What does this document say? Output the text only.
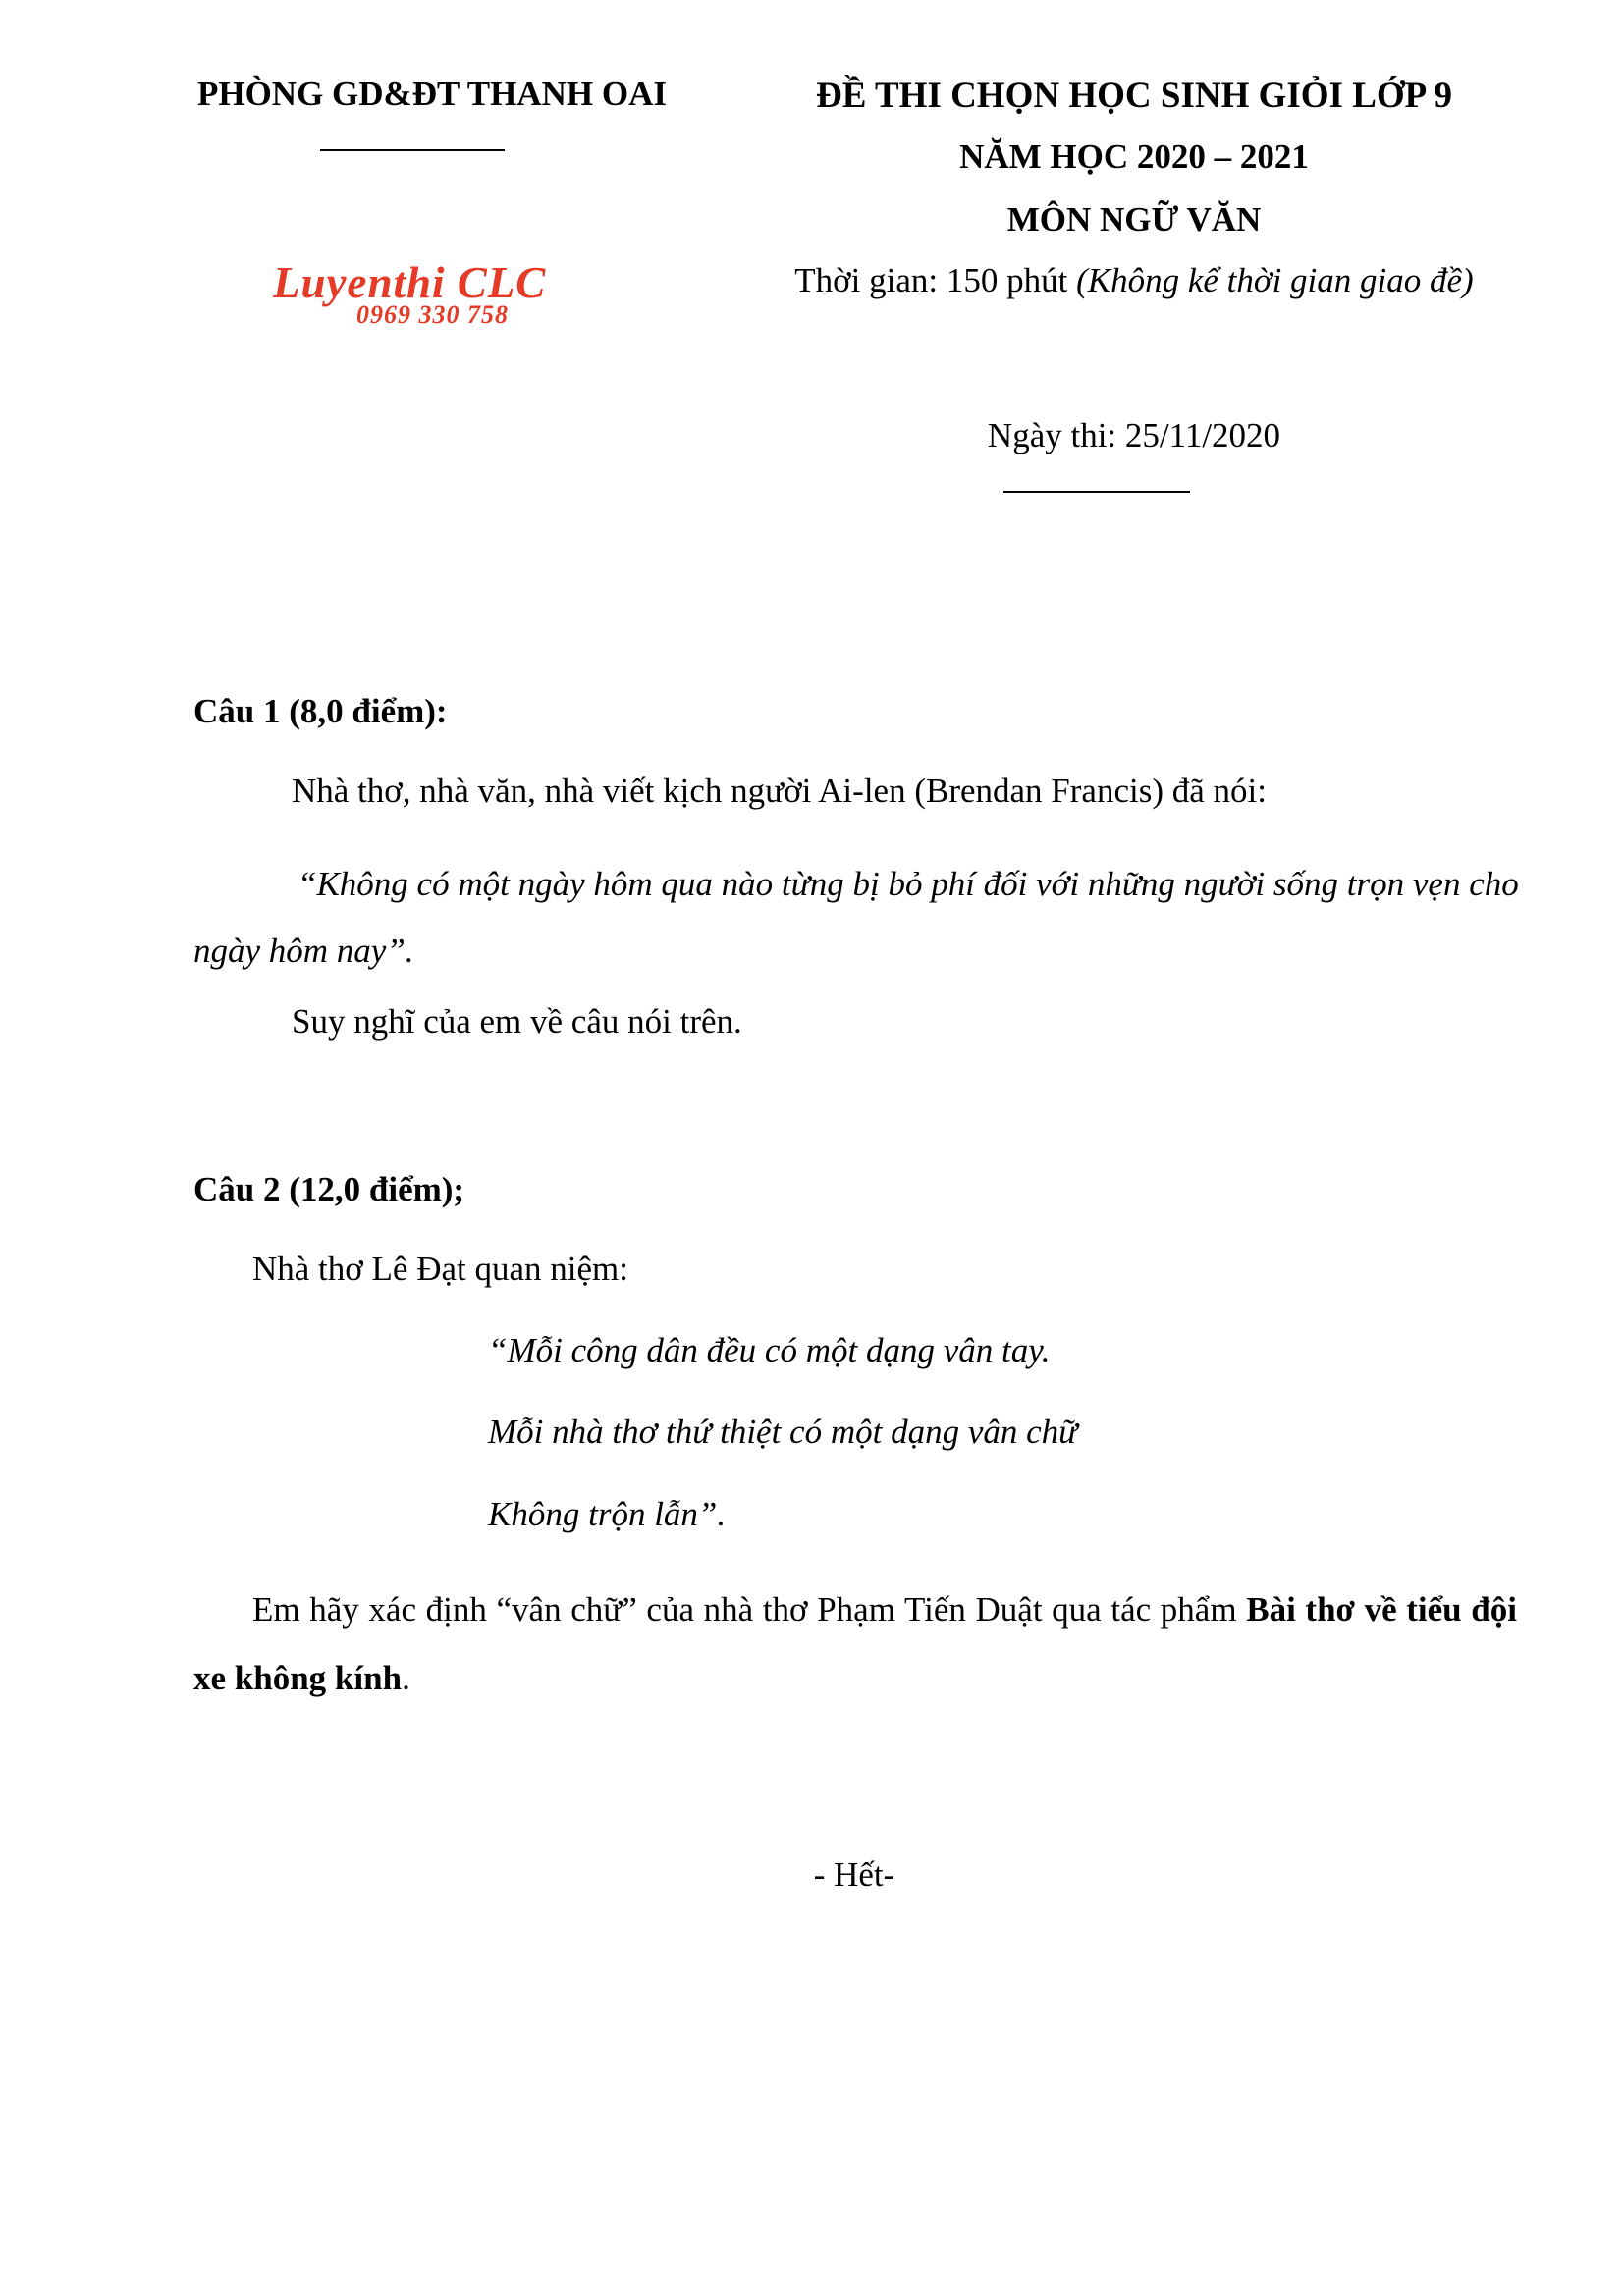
PHÒNG GD&ĐT THANH OAI
Luyenthi CLC
0969 330 758
ĐỀ THI CHỌN HỌC SINH GIỎI LỚP 9
NĂM HỌC 2020 – 2021
MÔN NGỮ VĂN
Thời gian: 150 phút (Không kể thời gian giao đề)
Ngày thi: 25/11/2020
Câu 1 (8,0 điểm):
Nhà thơ, nhà văn, nhà viết kịch người Ai-len (Brendan Francis) đã nói:
“Không có một ngày hôm qua nào từng bị bỏ phí đối với những người sống trọn vẹn cho ngày hôm nay”.
Suy nghĩ của em về câu nói trên.
Câu 2 (12,0 điểm);
Nhà thơ Lê Đạt quan niệm:
“Mỗi công dân đều có một dạng vân tay.
Mỗi nhà thơ thứ thiệt có một dạng vân chữ
Không trộn lẫn”.
Em hãy xác định “vân chữ” của nhà thơ Phạm Tiến Duật qua tác phẩm Bài thơ về tiểu đội xe không kính.
- Hết-
